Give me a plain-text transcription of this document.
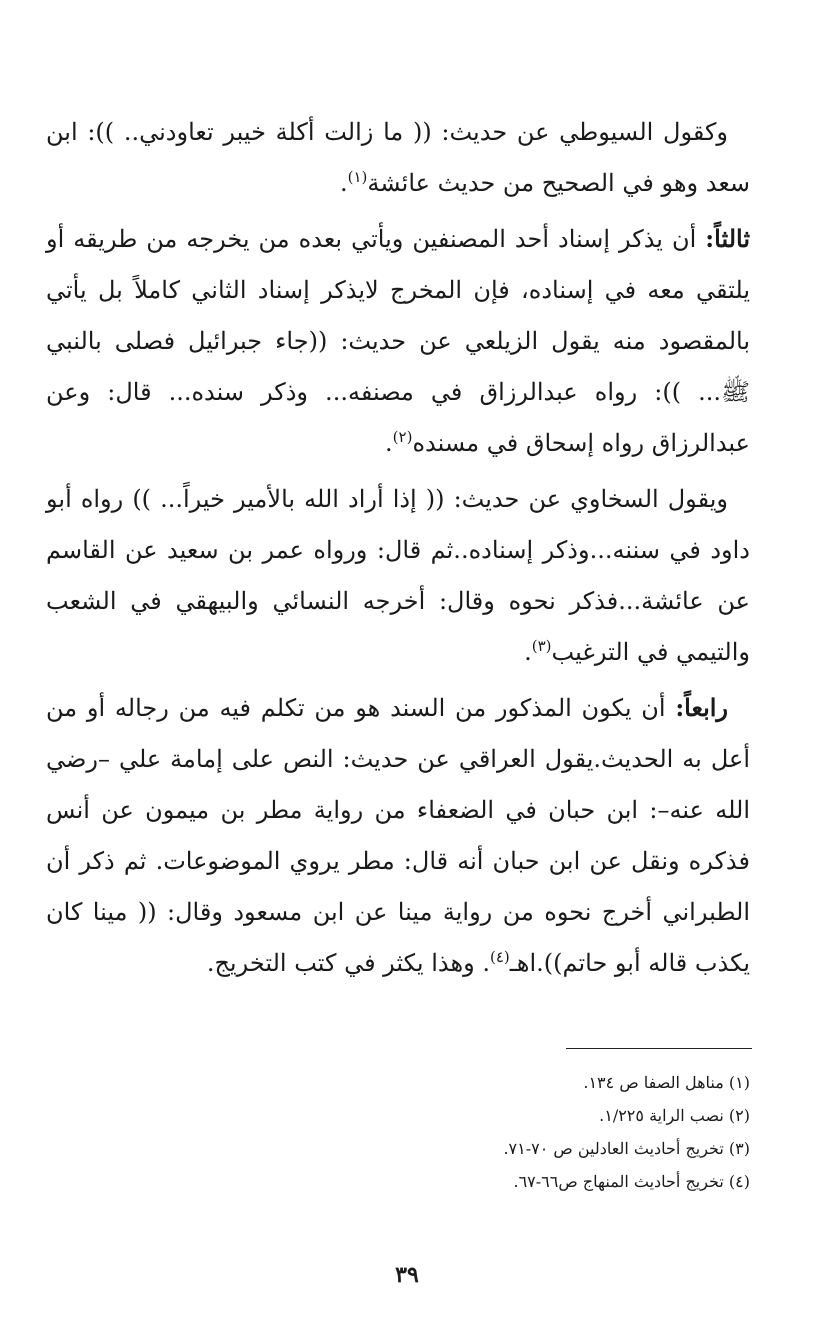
وكقول السيوطي عن حديث: (( ما زالت أكلة خيبر تعاودني.. )): ابن سعد وهو في الصحيح من حديث عائشة$^{(١)}$.

ثالثاً: أن يذكر إسناد أحد المصنفين ويأتي بعده من يخرجه من طريقه أو يلتقي معه في إسناده، فإن المخرج لايذكر إسناد الثاني كاملاً بل يأتي بالمقصود منه يقول الزيلعي عن حديث: ((جاء جبرائيل فصلى بالنبي ﷺ... )): رواه عبدالرزاق في مصنفه... وذكر سنده... قال: وعن عبدالرزاق رواه إسحاق في مسنده$^{(٢)}$.

ويقول السخاوي عن حديث: (( إذا أراد الله بالأمير خيراً... )) رواه أبو داود في سننه...وذكر إسناده..ثم قال: ورواه عمر بن سعيد عن القاسم عن عائشة...فذكر نحوه وقال: أخرجه النسائي والبيهقي في الشعب والتيمي في الترغيب$^{(٣)}$.

رابعاً: أن يكون المذكور من السند هو من تكلم فيه من رجاله أو من أعل به الحديث.يقول العراقي عن حديث: النص على إمامة علي –رضي الله عنه–: ابن حبان في الضعفاء من رواية مطر بن ميمون عن أنس فذكره ونقل عن ابن حبان أنه قال: مطر يروي الموضوعات. ثم ذكر أن الطبراني أخرج نحوه من رواية مينا عن ابن مسعود وقال: (( مينا كان يكذب قاله أبو حاتم)).اهـ$^{(٤)}$. وهذا يكثر في كتب التخريج.

(١) مناهل الصفا ص ١٣٤.

(٢) نصب الراية ١/٢٢٥.

(٣) تخريج أحاديث العادلين ص ٧٠-٧١.

(٤) تخريج أحاديث المنهاج ص٦٦-٦٧.

٣٩
